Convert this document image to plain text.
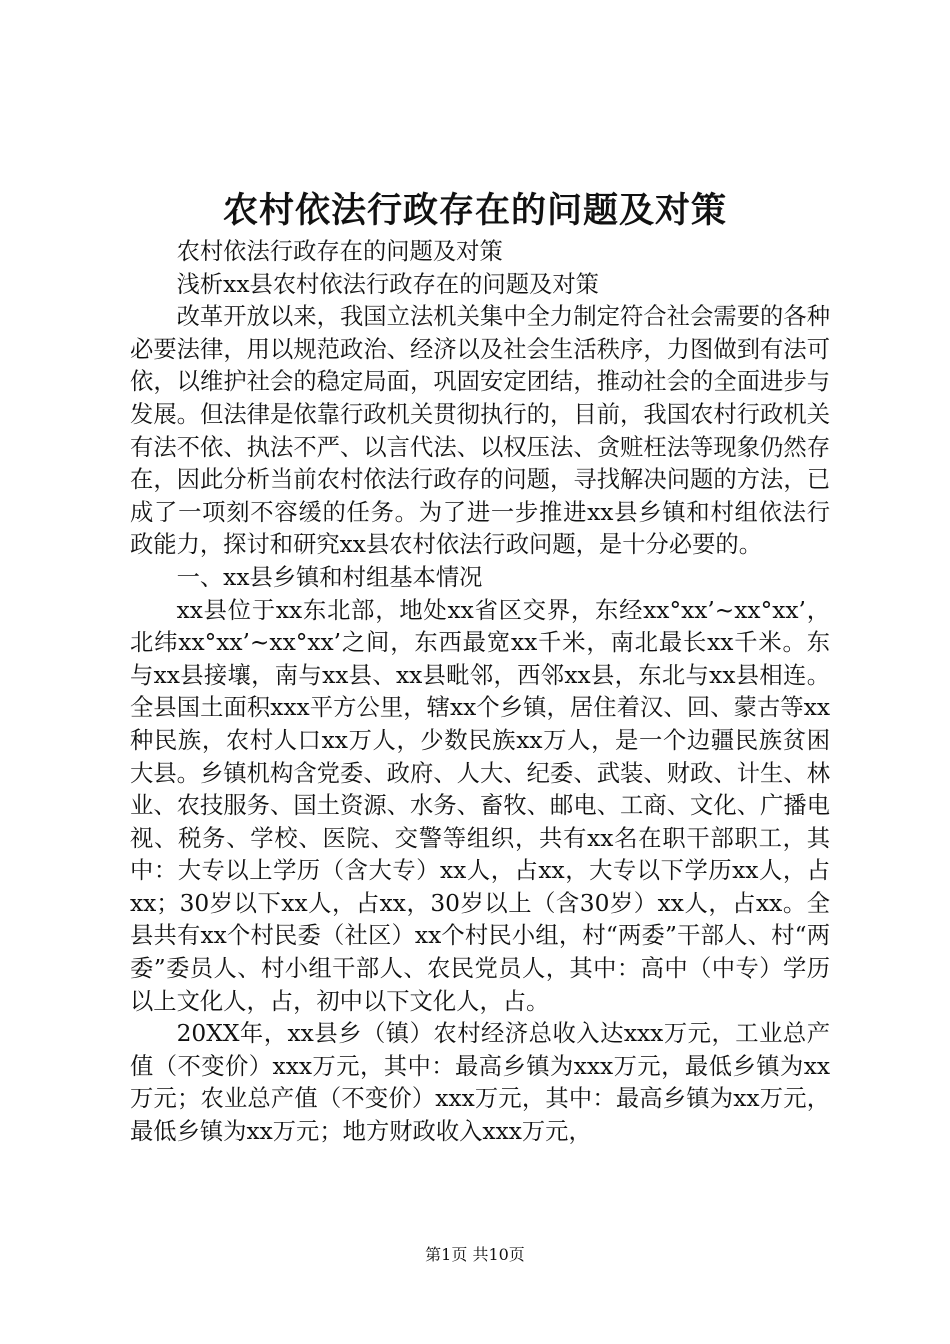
农村依法行政存在的问题及对策

农村依法行政存在的问题及对策

浅析xx县农村依法行政存在的问题及对策

改革开放以来，我国立法机关集中全力制定符合社会需要的各种必要法律，用以规范政治、经济以及社会生活秩序，力图做到有法可依，以维护社会的稳定局面，巩固安定团结，推动社会的全面进步与发展。但法律是依靠行政机关贯彻执行的，目前，我国农村行政机关有法不依、执法不严、以言代法、以权压法、贪赃枉法等现象仍然存在，因此分析当前农村依法行政存的问题，寻找解决问题的方法，已成了一项刻不容缓的任务。为了进一步推进xx县乡镇和村组依法行政能力，探讨和研究xx县农村依法行政问题，是十分必要的。

一、xx县乡镇和村组基本情况

xx县位于xx东北部，地处xx省区交界，东经xx°xx’~xx°xx’，北纬xx°xx’~xx°xx’之间，东西最宽xx千米，南北最长xx千米。东与xx县接壤，南与xx县、xx县毗邻，西邻xx县，东北与xx县相连。全县国土面积xxx平方公里，辖xx个乡镇，居住着汉、回、蒙古等xx种民族，农村人口xx万人，少数民族xx万人，是一个边疆民族贫困大县。乡镇机构含党委、政府、人大、纪委、武装、财政、计生、林业、农技服务、国土资源、水务、畜牧、邮电、工商、文化、广播电视、税务、学校、医院、交警等组织，共有xx名在职干部职工，其中：大专以上学历（含大专）xx人，占xx，大专以下学历xx人，占xx；30岁以下xx人，占xx，30岁以上（含30岁）xx人，占xx。全县共有xx个村民委（社区）xx个村民小组，村“两委”干部人、村“两委”委员人、村小组干部人、农民党员人，其中：高中（中专）学历以上文化人，占，初中以下文化人，占。

20XX年，xx县乡（镇）农村经济总收入达xxx万元，工业总产值（不变价）xxx万元，其中：最高乡镇为xxx万元，最低乡镇为xx万元；农业总产值（不变价）xxx万元，其中：最高乡镇为xx万元，最低乡镇为xx万元；地方财政收入xxx万元，

第1页 共10页
